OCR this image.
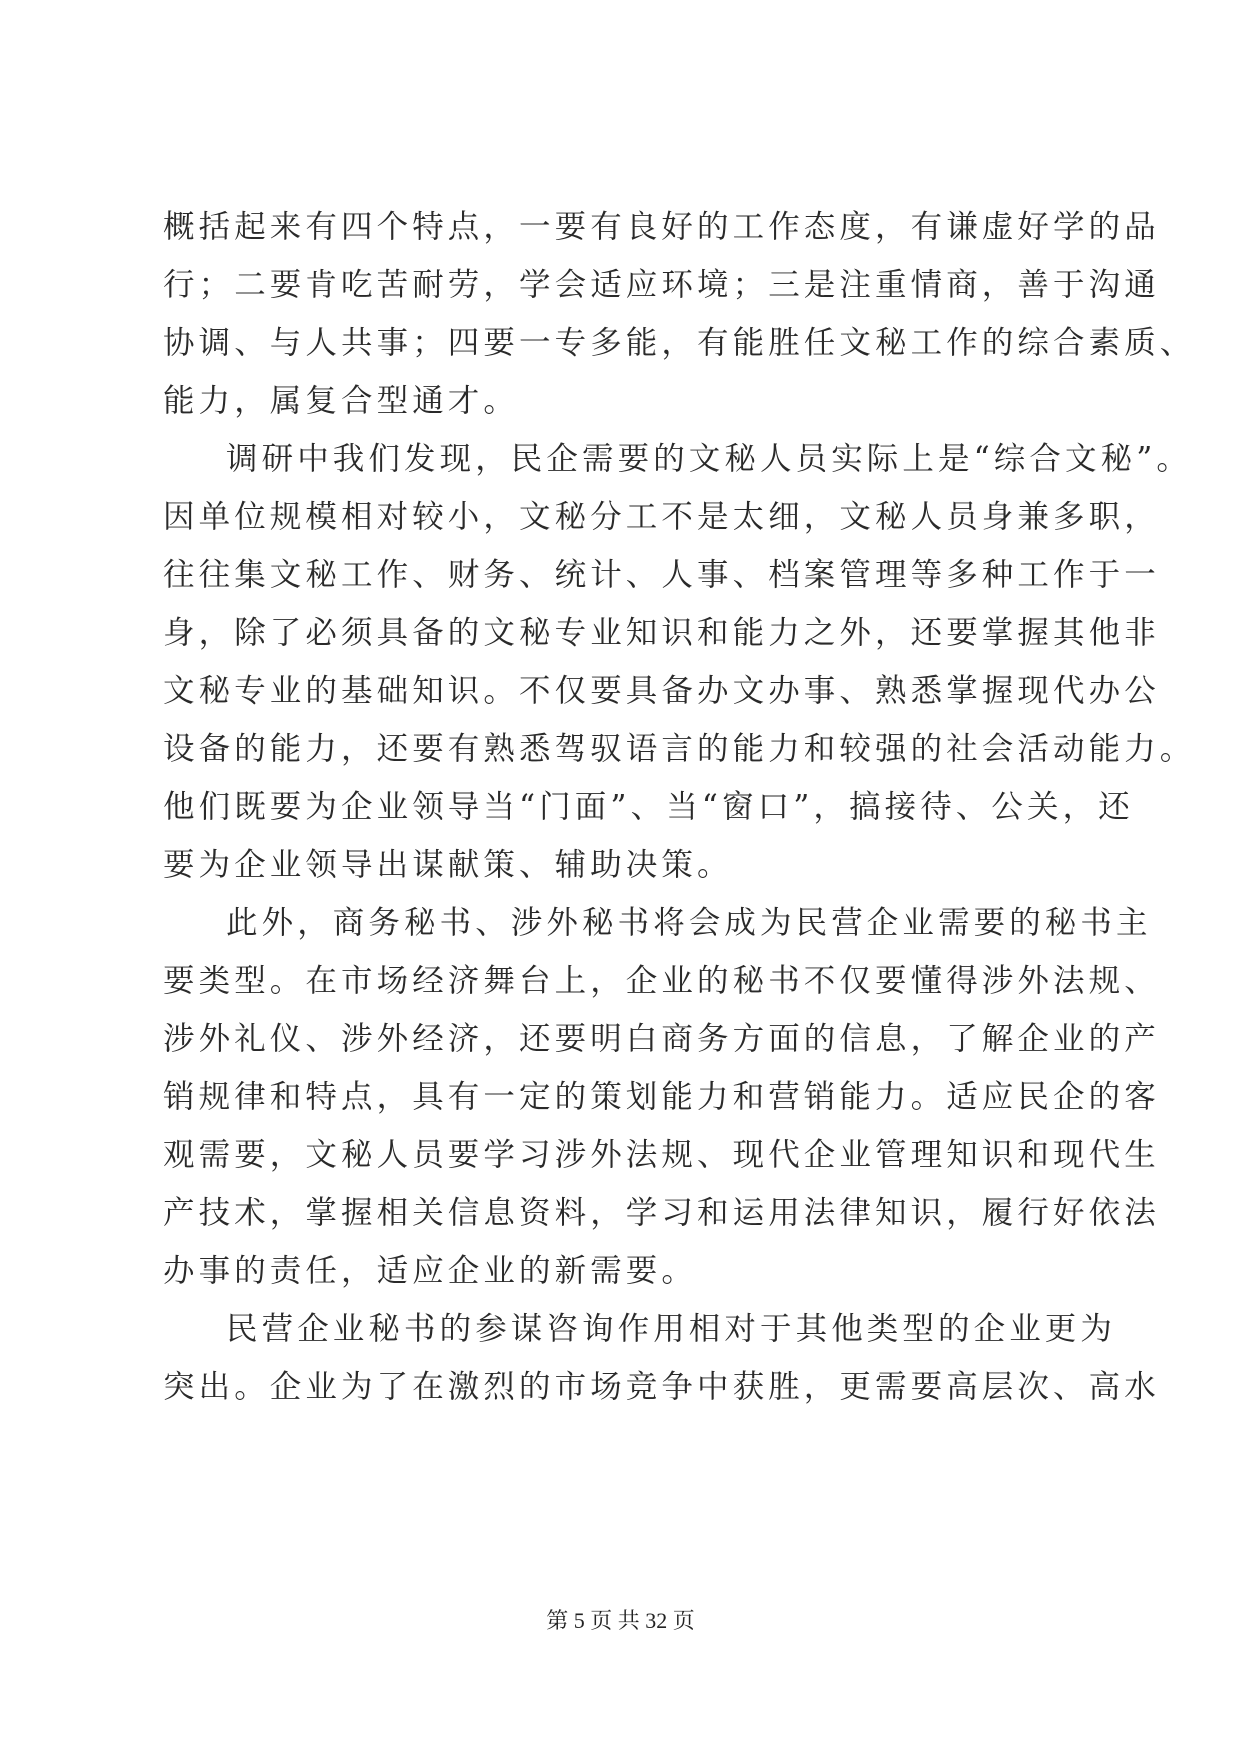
概括起来有四个特点，一要有良好的工作态度，有谦虚好学的品
行；二要肯吃苦耐劳，学会适应环境；三是注重情商，善于沟通
协调、与人共事；四要一专多能，有能胜任文秘工作的综合素质、
能力，属复合型通才。
调研中我们发现，民企需要的文秘人员实际上是“综合文秘”。
因单位规模相对较小，文秘分工不是太细，文秘人员身兼多职，
往往集文秘工作、财务、统计、人事、档案管理等多种工作于一
身，除了必须具备的文秘专业知识和能力之外，还要掌握其他非
文秘专业的基础知识。不仅要具备办文办事、熟悉掌握现代办公
设备的能力，还要有熟悉驾驭语言的能力和较强的社会活动能力。
他们既要为企业领导当“门面”、当“窗口”，搞接待、公关，还
要为企业领导出谋献策、辅助决策。
此外，商务秘书、涉外秘书将会成为民营企业需要的秘书主
要类型。在市场经济舞台上，企业的秘书不仅要懂得涉外法规、
涉外礼仪、涉外经济，还要明白商务方面的信息，了解企业的产
销规律和特点，具有一定的策划能力和营销能力。适应民企的客
观需要，文秘人员要学习涉外法规、现代企业管理知识和现代生
产技术，掌握相关信息资料，学习和运用法律知识，履行好依法
办事的责任，适应企业的新需要。
民营企业秘书的参谋咨询作用相对于其他类型的企业更为
突出。企业为了在激烈的市场竞争中获胜，更需要高层次、高水
第 5 页 共 32 页
